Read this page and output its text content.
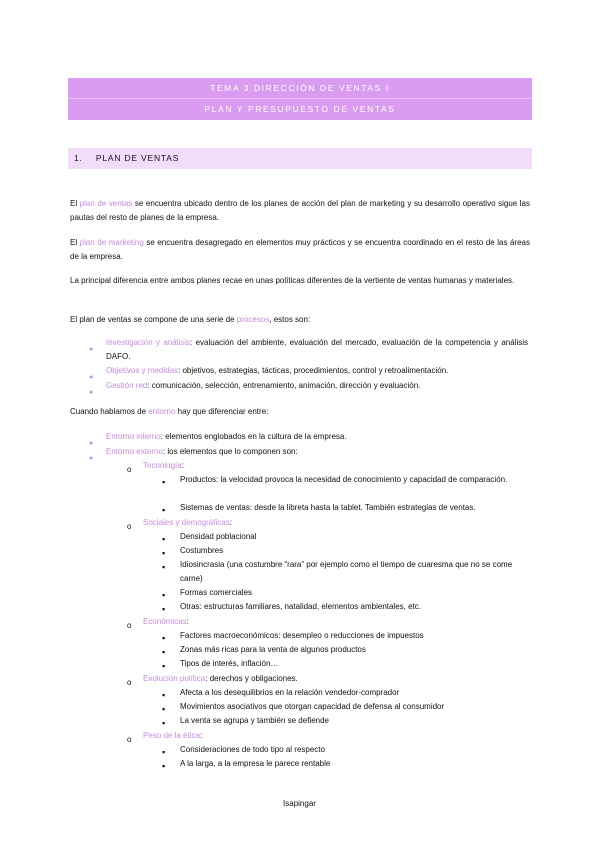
TEMA 3 DIRECCIÓN DE VENTAS I
PLAN Y PRESUPUESTO DE VENTAS
1. PLAN DE VENTAS
El plan de ventas se encuentra ubicado dentro de los planes de acción del plan de marketing y su desarrollo operativo sigue las pautas del resto de planes de la empresa.
El plan de marketing se encuentra desagregado en elementos muy prácticos y se encuentra coordinado en el resto de las áreas de la empresa.
La principal diferencia entre ambos planes recae en unas políticas diferentes de la vertiente de ventas humanas y materiales.
El plan de ventas se compone de una serie de procesos, estos son:
●
Investigación y análisis: evaluación del ambiente, evaluación del mercado, evaluación de la competencia y análisis DAFO.
●
Objetivos y medidas: objetivos, estrategias, tácticas, procedimientos, control y retroalimentación.
●
Gestión red: comunicación, selección, entrenamiento, animación, dirección y evaluación.
Cuando hablamos de entorno hay que diferenciar entre:
●
Entorno interno: elementos englobados en la cultura de la empresa.
●
Entorno externo: los elementos que lo componen son:
o
Tecnología:
▪
Productos: la velocidad provoca la necesidad de conocimiento y capacidad de comparación.
▪
Sistemas de ventas: desde la libreta hasta la tablet. También estrategias de ventas.
o
Sociales y demográficas:
▪
Densidad poblacional
▪
Costumbres
▪
Idiosincrasia (una costumbre “rara” por ejemplo como el tiempo de cuaresma que no se come carne)
▪
Formas comerciales
▪
Otras: estructuras familiares, natalidad, elementos ambientales, etc.
o
Económicas:
▪
Factores macroeconómicos: desempleo o reducciones de impuestos
▪
Zonas más ricas para la venta de algunos productos
▪
Tipos de interés, inflación…
o
Evolución política: derechos y obligaciones.
▪
Afecta a los desequilibrios en la relación vendedor-comprador
▪
Movimientos asociativos que otorgan capacidad de defensa al consumidor
▪
La venta se agrupa y también se defiende
o
Peso de la ética:
▪
Consideraciones de todo tipo al respecto
▪
A la larga, a la empresa le parece rentable
Isapingar
